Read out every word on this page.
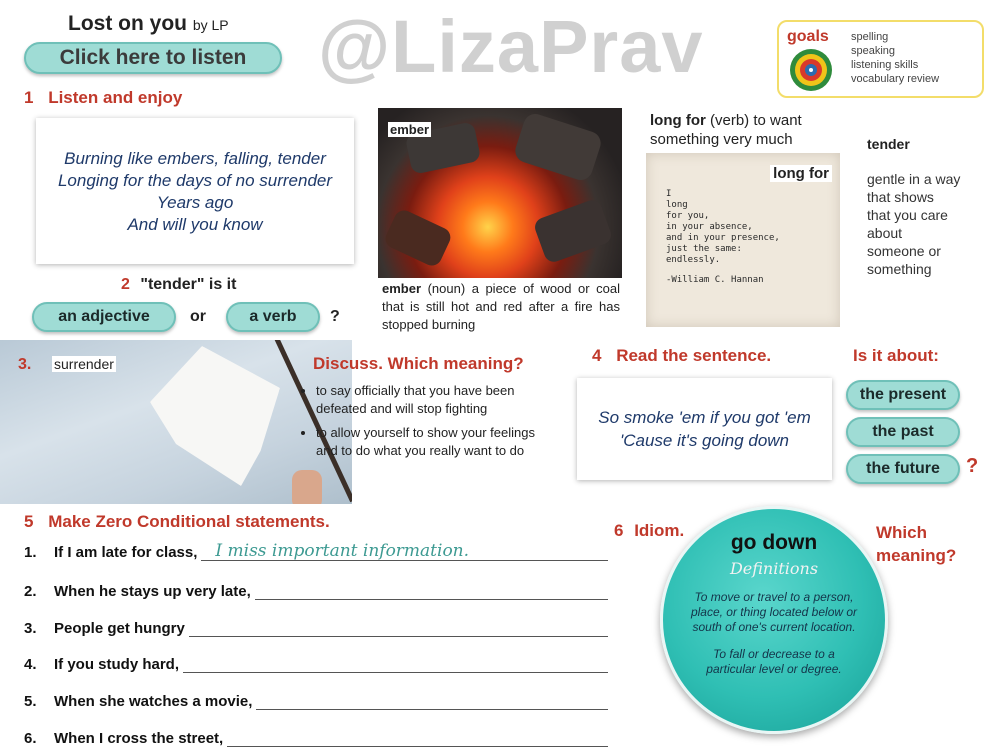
Lost on you by LP
Click here to listen @LizaPrav	goals spelling
speaking
listening skills
vocabulary review
1 Listen and enjoy
Burning like embers, falling, tender
Longing for the days of no surrender
Years ago
And will you know
ember
ember (noun) a piece of wood or coal that is still hot and red after a fire has stopped burning
long for (verb) to want something very much
long for
I
long
for you,
in your absence,
and in your presence,
just the same:
endlessly.
-William C. Hannan
tender
gentle in a way that shows that you care about someone or something
2 "tender" is it
an adjective	or	a verb	?
3. surrender	Discuss. Which meaning?
• to say officially that you have been defeated and will stop fighting
• to allow yourself to show your feelings and to do what you really want to do
4 Read the sentence.	Is it about:
So smoke 'em if you got 'em
'Cause it's going down
the present
the past
the future	?
5 Make Zero Conditional statements.
1.	If I am late for class, I miss important information.
2.	When he stays up very late,
3.	People get hungry
4.	If you study hard,
5.	When she watches a movie,
6.	When I cross the street,
6 Idiom.	Which meaning?
go down
Definitions
To move or travel to a person, place, or thing located below or south of one's current location.
To fall or decrease to a particular level or degree.
